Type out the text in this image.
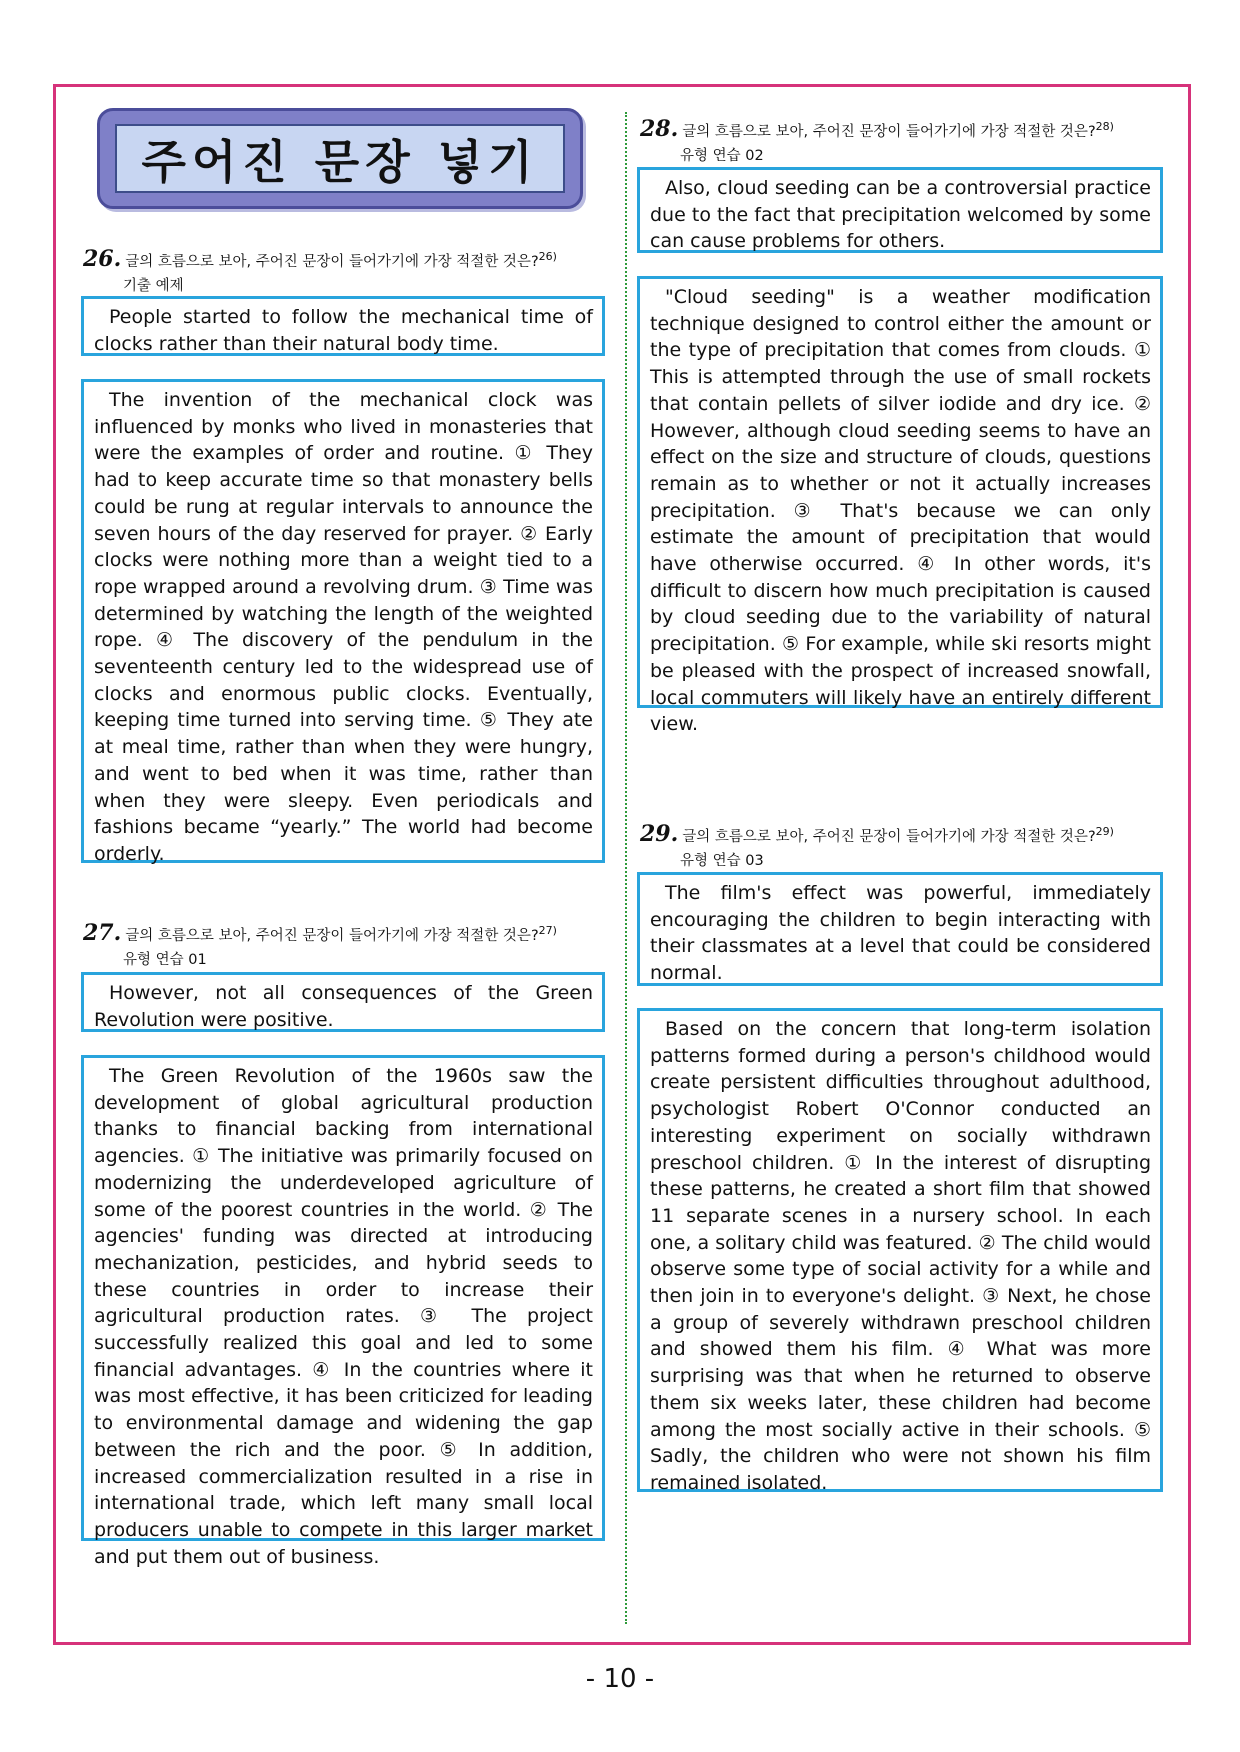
주어진 문장 넣기
26. 글의 흐름으로 보아, 주어진 문장이 들어가기에 가장 적절한 것은?$^{26)}$
기출 예제

People started to follow the mechanical time of clocks rather than their natural body time.

The invention of the mechanical clock was influenced by monks who lived in monasteries that were the examples of order and routine. ① They had to keep accurate time so that monastery bells could be rung at regular intervals to announce the seven hours of the day reserved for prayer. ② Early clocks were nothing more than a weight tied to a rope wrapped around a revolving drum. ③ Time was determined by watching the length of the weighted rope. ④ The discovery of the pendulum in the seventeenth century led to the widespread use of clocks and enormous public clocks. Eventually, keeping time turned into serving time. ⑤ They ate at meal time, rather than when they were hungry, and went to bed when it was time, rather than when they were sleepy. Even periodicals and fashions became “yearly.” The world had become orderly.

27. 글의 흐름으로 보아, 주어진 문장이 들어가기에 가장 적절한 것은?$^{27)}$
유형 연습 01

However, not all consequences of the Green Revolution were positive.

The Green Revolution of the 1960s saw the development of global agricultural production thanks to financial backing from international agencies. ① The initiative was primarily focused on modernizing the underdeveloped agriculture of some of the poorest countries in the world. ② The agencies' funding was directed at introducing mechanization, pesticides, and hybrid seeds to these countries in order to increase their agricultural production rates. ③ The project successfully realized this goal and led to some financial advantages. ④ In the countries where it was most effective, it has been criticized for leading to environmental damage and widening the gap between the rich and the poor. ⑤ In addition, increased commercialization resulted in a rise in international trade, which left many small local producers unable to compete in this larger market and put them out of business.

28. 글의 흐름으로 보아, 주어진 문장이 들어가기에 가장 적절한 것은?$^{28)}$
유형 연습 02

Also, cloud seeding can be a controversial practice due to the fact that precipitation welcomed by some can cause problems for others.

"Cloud seeding" is a weather modification technique designed to control either the amount or the type of precipitation that comes from clouds. ① This is attempted through the use of small rockets that contain pellets of silver iodide and dry ice. ② However, although cloud seeding seems to have an effect on the size and structure of clouds, questions remain as to whether or not it actually increases precipitation. ③ That's because we can only estimate the amount of precipitation that would have otherwise occurred. ④ In other words, it's difficult to discern how much precipitation is caused by cloud seeding due to the variability of natural precipitation. ⑤ For example, while ski resorts might be pleased with the prospect of increased snowfall, local commuters will likely have an entirely different view.

29. 글의 흐름으로 보아, 주어진 문장이 들어가기에 가장 적절한 것은?$^{29)}$
유형 연습 03

The film's effect was powerful, immediately encouraging the children to begin interacting with their classmates at a level that could be considered normal.

Based on the concern that long-term isolation patterns formed during a person's childhood would create persistent difficulties throughout adulthood, psychologist Robert O'Connor conducted an interesting experiment on socially withdrawn preschool children. ① In the interest of disrupting these patterns, he created a short film that showed 11 separate scenes in a nursery school. In each one, a solitary child was featured. ② The child would observe some type of social activity for a while and then join in to everyone's delight. ③ Next, he chose a group of severely withdrawn preschool children and showed them his film. ④ What was more surprising was that when he returned to observe them six weeks later, these children had become among the most socially active in their schools. ⑤ Sadly, the children who were not shown his film remained isolated.

- 10 -
